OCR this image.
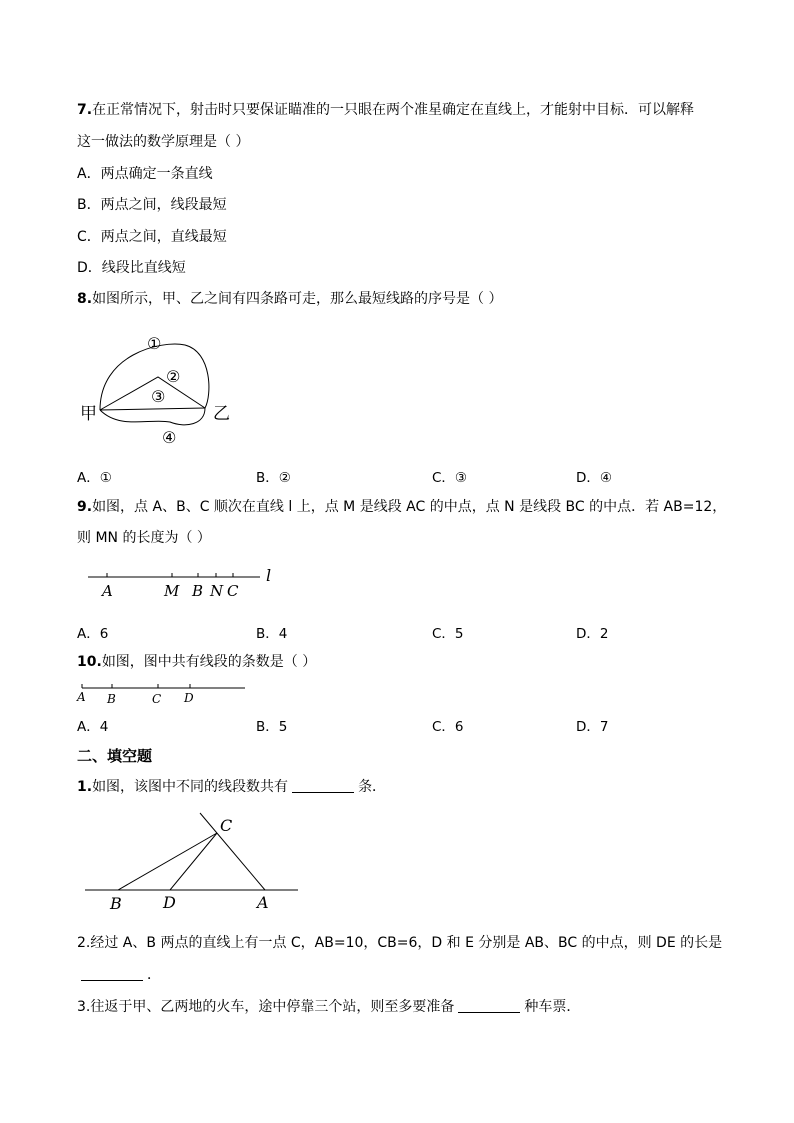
7.在正常情况下，射击时只要保证瞄准的一只眼在两个准星确定在直线上，才能射中目标．可以解释
这一做法的数学原理是（ ）
A．两点确定一条直线
B．两点之间，线段最短
C．两点之间，直线最短
D．线段比直线短
8.如图所示，甲、乙之间有四条路可走，那么最短线路的序号是（ ）
甲	乙
①
②
③
④
A．①	B．②	C．③	D．④
9.如图，点 A、B、C 顺次在直线 l 上，点 M 是线段 AC 的中点，点 N 是线段 BC 的中点．若 AB=12，
则 MN 的长度为（ ）
A	M B N C
l
A．6	B．4	C．5	D．2
10.如图，图中共有线段的条数是（ ）
A B	C D
A．4	B．5	C．6	D．7
二、填空题
1.如图，该图中不同的线段数共有	条．
B	D	A
C
2.经过 A、B 两点的直线上有一点 C，AB=10，CB=6，D 和 E 分别是 AB、BC 的中点，则 DE 的长是
．
3.往返于甲、乙两地的火车，途中停靠三个站，则至多要准备	种车票．
